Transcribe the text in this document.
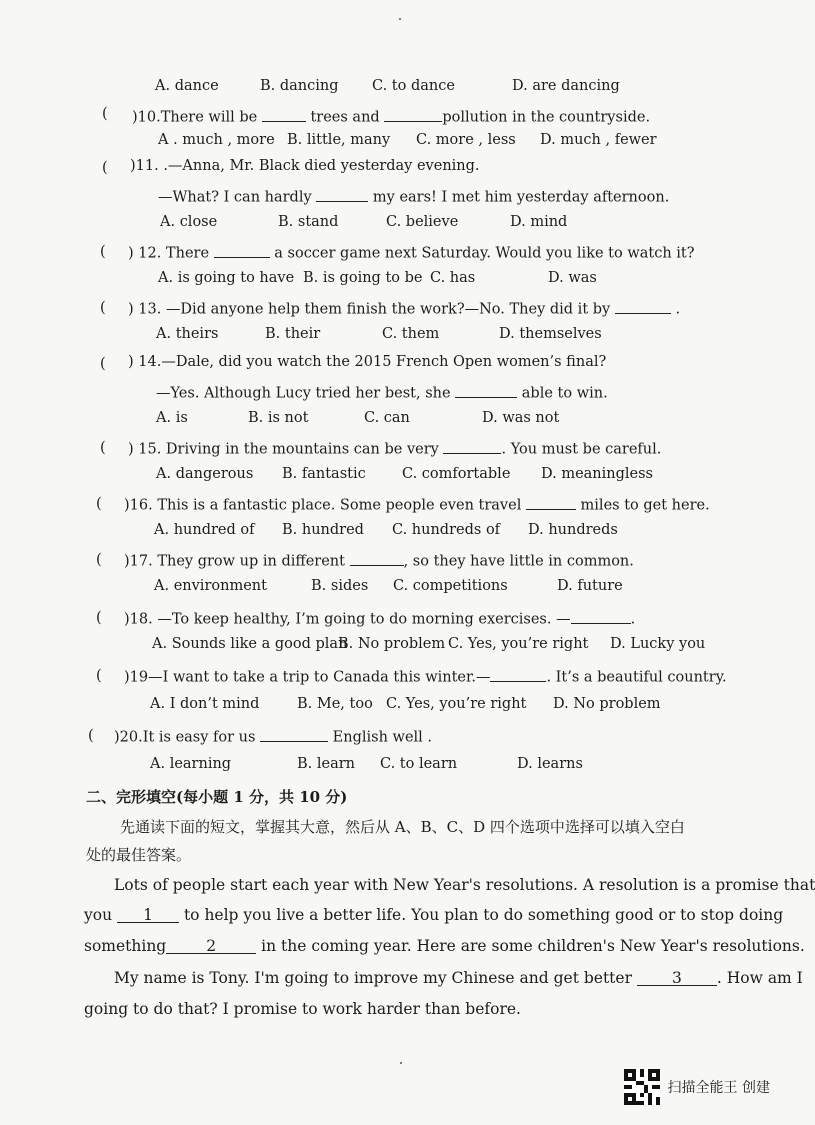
A. dance	B. dancing C. to dance	D. are dancing
( )10.There will be	trees and	pollution in the countryside.
A . much , more B. little, many C. more , less D. much , fewer
( )11. .—Anna, Mr. Black died yesterday evening.
—What? I can hardly	my ears! I met him yesterday afternoon.
A. close	B. stand	C. believe	D. mind
( ) 12. There	a soccer game next Saturday. Would you like to watch it?
A. is going to have B. is going to be C. has	D. was
( ) 13. —Did anyone help them finish the work?—No. They did it by	.
A. theirs	B. their	C. them	D. themselves
( ) 14.—Dale, did you watch the 2015 French Open women’s final?
—Yes. Although Lucy tried her best, she	able to win.
A. is	B. is not	C. can	D. was not
( ) 15. Driving in the mountains can be very	. You must be careful.
A. dangerous B. fantastic	C. comfortable D. meaningless
( )16. This is a fantastic place. Some people even travel	miles to get here.
A. hundred of B. hundred C. hundreds of D. hundreds
( )17. They grow up in different	, so they have little in common.
A. environment	B. sides C. competitions	D. future
( )18. —To keep healthy, I’m going to do morning exercises. —	.
A. Sounds like a good plan
B. No problem C. Yes, you’re right D. Lucky you
( )19—I want to take a trip to Canada this winter.—	. It’s a beautiful country.
A. I don’t mind	B. Me, too C. Yes, you’re right D. No problem
( )20.It is easy for us	English well .
A. learning	B. learn C. to learn	D. learns
二、完形填空(每小题 1 分，共 10 分)
先通读下面的短文，掌握其大意，然后从 A、B、C、D 四个选项中选择可以填入空白
处的最佳答案。
Lots of people start each year with New Year's resolutions. A resolution is a promise that
you 1 to help you live a better life. You plan to do something good or to stop doing
something	2	in the coming year. Here are some children's New Year's resolutions.
My name is Tony. I'm going to improve my Chinese and get better	3 . How am I
going to do that? I promise to work harder than before.
扫描全能王 创建
